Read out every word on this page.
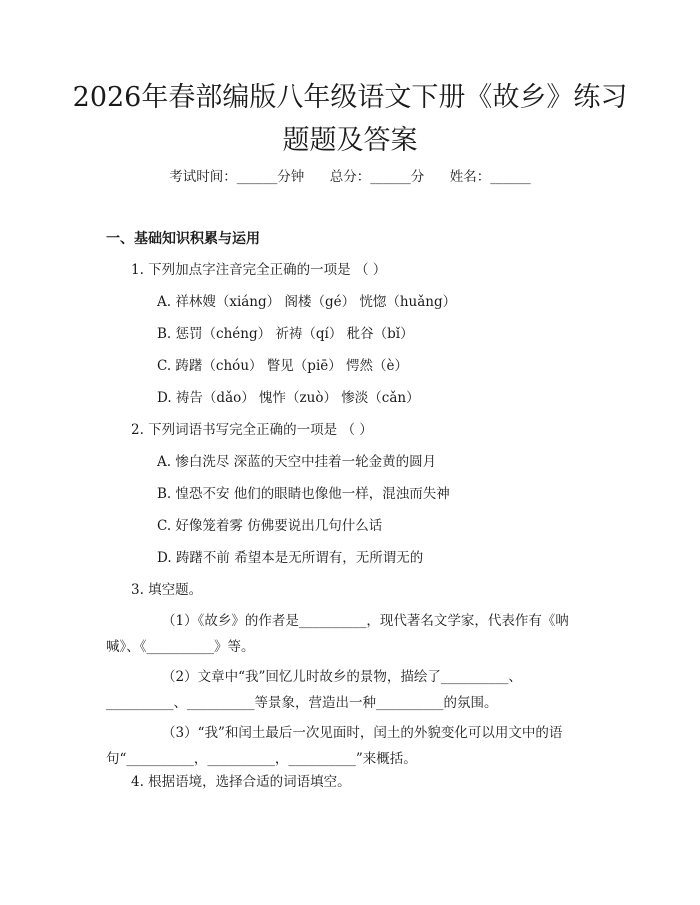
2026年春部编版八年级语文下册《故乡》练习题题及答案
考试时间：______分钟 总分：______分 姓名：______
一、基础知识积累与运用
1. 下列加点字注音完全正确的一项是 （ ）
A. 祥林嫂（xiáng） 阁楼（gé） 恍惚（huǎng）
B. 惩罚（chéng） 祈祷（qí） 秕谷（bǐ）
C. 踌躇（chóu） 瞥见（piē） 愕然（è）
D. 祷告（dǎo） 愧怍（zuò） 惨淡（cǎn）
2. 下列词语书写完全正确的一项是 （ ）
A. 惨白洗尽 深蓝的天空中挂着一轮金黄的圆月
B. 惶恐不安 他们的眼睛也像他一样，混浊而失神
C. 好像笼着雾 仿佛要说出几句什么话
D. 踌躇不前 希望本是无所谓有，无所谓无的
3. 填空题。
（1）《故乡》的作者是__________，现代著名文学家，代表作有《呐喊》、《__________》等。
（2）文章中“我”回忆儿时故乡的景物，描绘了__________、__________、__________等景象，营造出一种__________的氛围。
（3）“我”和闰土最后一次见面时，闰土的外貌变化可以用文中的语句“__________，__________，__________”来概括。
4. 根据语境，选择合适的词语填空。
